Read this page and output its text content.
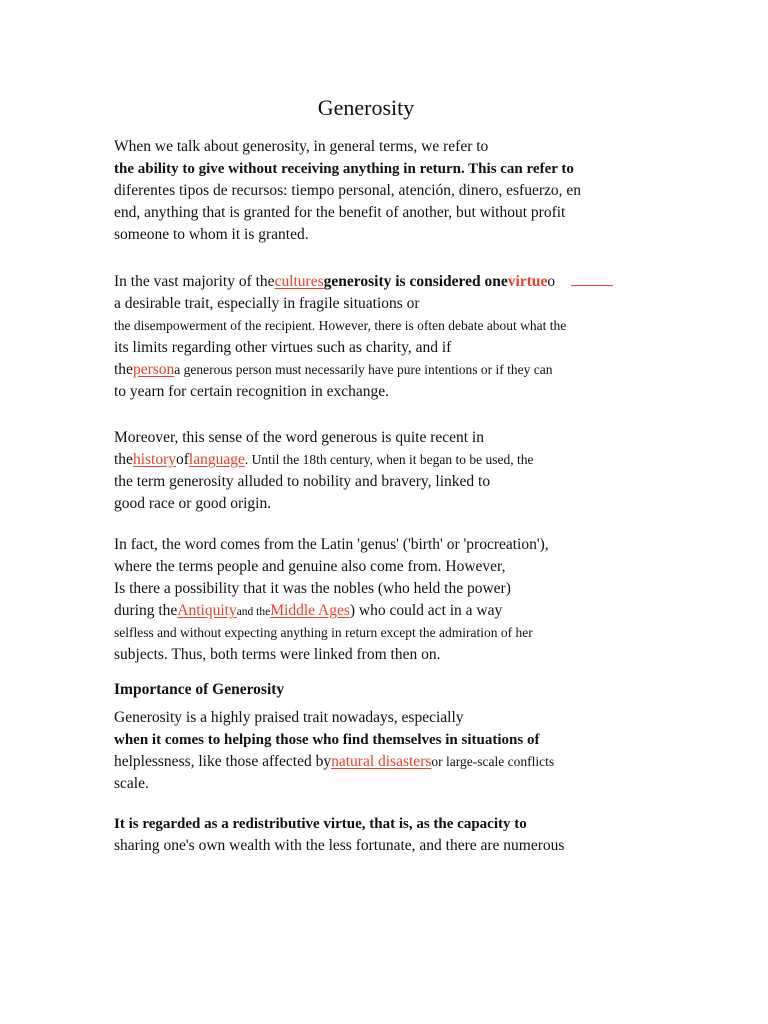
Generosity
When we talk about generosity, in general terms, we refer to
the ability to give without receiving anything in return. This can refer to
diferentes tipos de recursos: tiempo personal, atención, dinero, esfuerzo, en
end, anything that is granted for the benefit of another, but without profit
someone to whom it is granted.
In the vast majority of theculturesgenerosity is considered onevirtueo
a desirable trait, especially in fragile situations or
the disempowerment of the recipient. However, there is often debate about what the
its limits regarding other virtues such as charity, and if
thepersona generous person must necessarily have pure intentions or if they can
to yearn for certain recognition in exchange.
Moreover, this sense of the word generous is quite recent in
thehistoryoflanguage. Until the 18th century, when it began to be used, the
the term generosity alluded to nobility and bravery, linked to
good race or good origin.
In fact, the word comes from the Latin 'genus' ('birth' or 'procreation'),
where the terms people and genuine also come from. However,
Is there a possibility that it was the nobles (who held the power)
during theAntiquityand theMiddle Ages) who could act in a way
selfless and without expecting anything in return except the admiration of her
subjects. Thus, both terms were linked from then on.
Importance of Generosity
Generosity is a highly praised trait nowadays, especially
when it comes to helping those who find themselves in situations of
helplessness, like those affected bynatural disastersor large-scale conflicts
scale.
It is regarded as a redistributive virtue, that is, as the capacity to
sharing one's own wealth with the less fortunate, and there are numerous
